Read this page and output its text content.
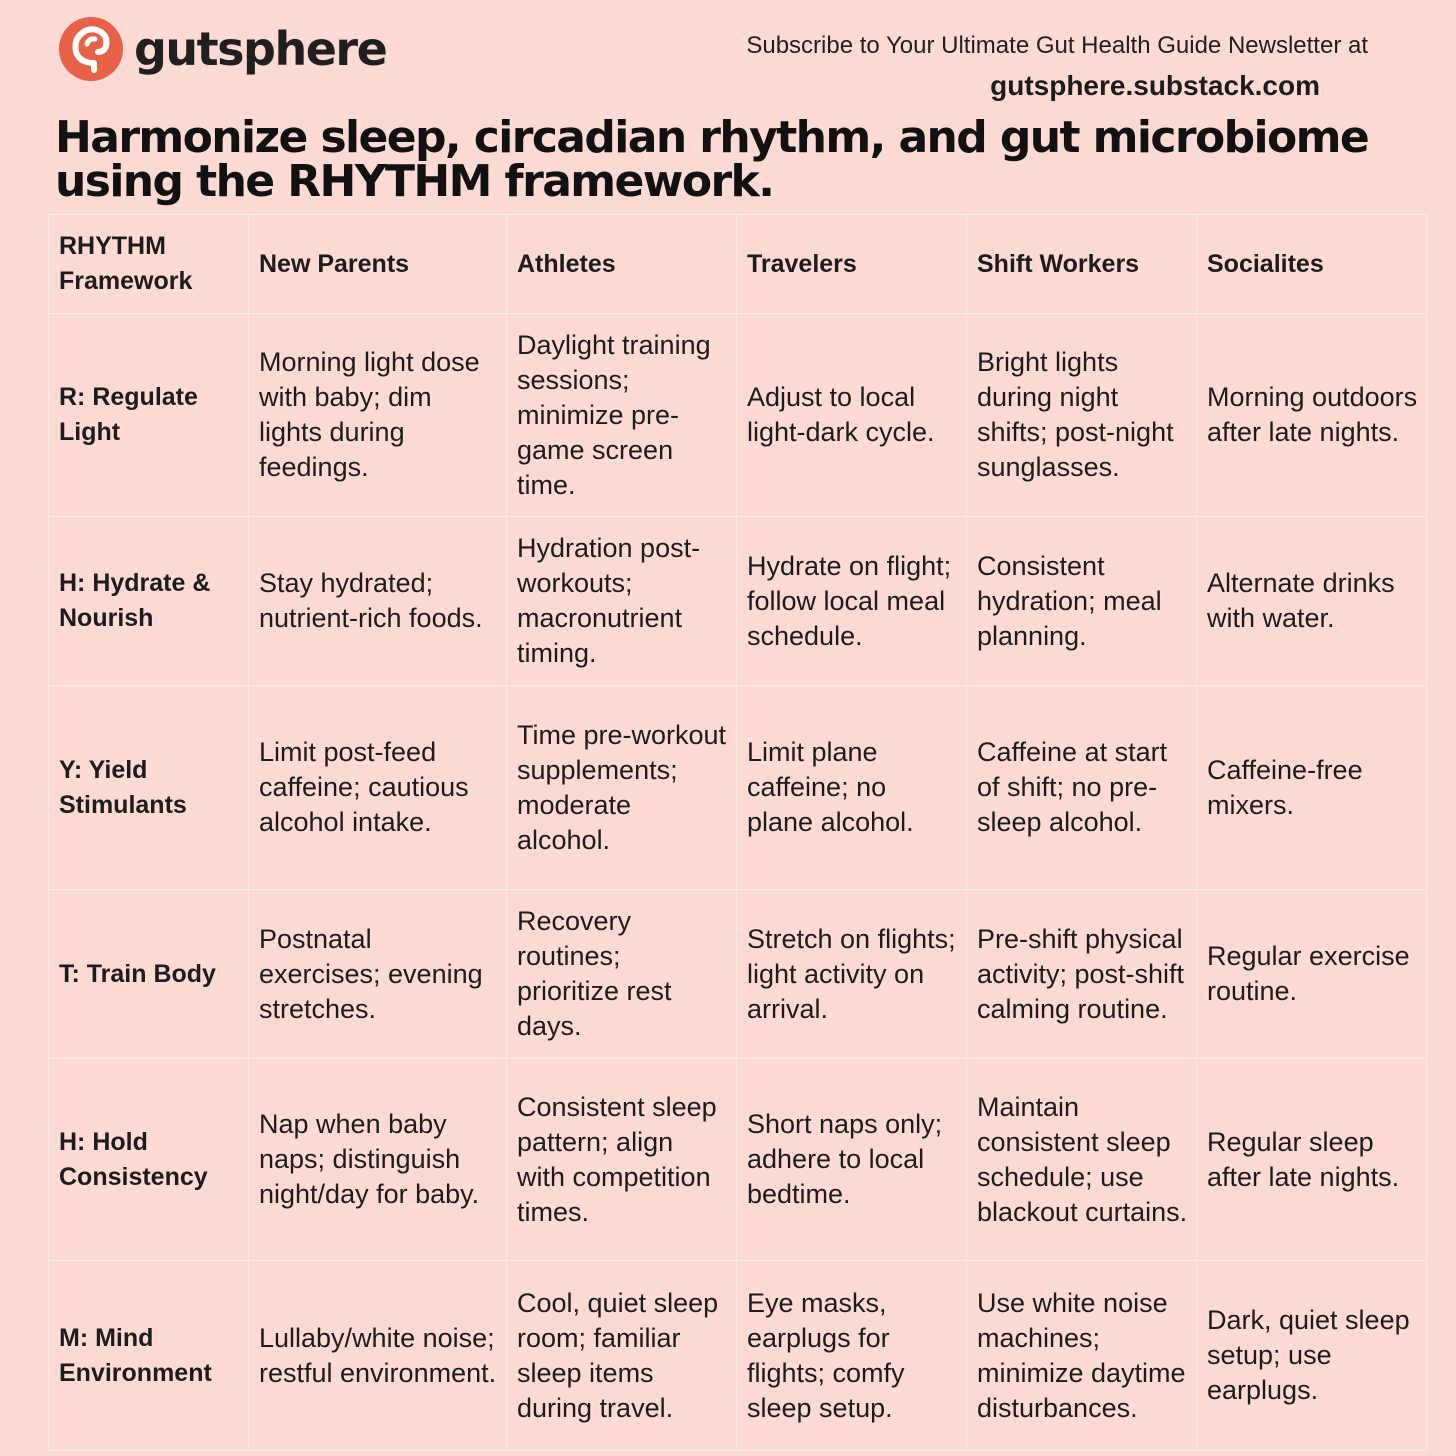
gutsphere	Subscribe to Your Ultimate Gut Health Guide Newsletter at
gutsphere.substack.com
Harmonize sleep, circadian rhythm, and gut microbiome using the RHYTHM framework.
RHYTHM Framework	New Parents	Athletes	Travelers	Shift Workers	Socialites
R: Regulate Light	Morning light dose with baby; dim lights during feedings.	Daylight training sessions; minimize pre-game screen time.	Adjust to local light-dark cycle.	Bright lights during night shifts; post-night sunglasses.	Morning outdoors after late nights.
H: Hydrate & Nourish	Stay hydrated; nutrient-rich foods.	Hydration post-workouts; macronutrient timing.	Hydrate on flight; follow local meal schedule.	Consistent hydration; meal planning.	Alternate drinks with water.
Y: Yield Stimulants	Limit post-feed caffeine; cautious alcohol intake.	Time pre-workout supplements; moderate alcohol.	Limit plane caffeine; no plane alcohol.	Caffeine at start of shift; no pre-sleep alcohol.	Caffeine-free mixers.
T: Train Body	Postnatal exercises; evening stretches.	Recovery routines; prioritize rest days.	Stretch on flights; light activity on arrival.	Pre-shift physical activity; post-shift calming routine.	Regular exercise routine.
H: Hold Consistency	Nap when baby naps; distinguish night/day for baby.	Consistent sleep pattern; align with competition times.	Short naps only; adhere to local bedtime.	Maintain consistent sleep schedule; use blackout curtains.	Regular sleep after late nights.
M: Mind Environment	Lullaby/white noise; restful environment.	Cool, quiet sleep room; familiar sleep items during travel.	Eye masks, earplugs for flights; comfy sleep setup.	Use white noise machines; minimize daytime disturbances.	Dark, quiet sleep setup; use earplugs.
